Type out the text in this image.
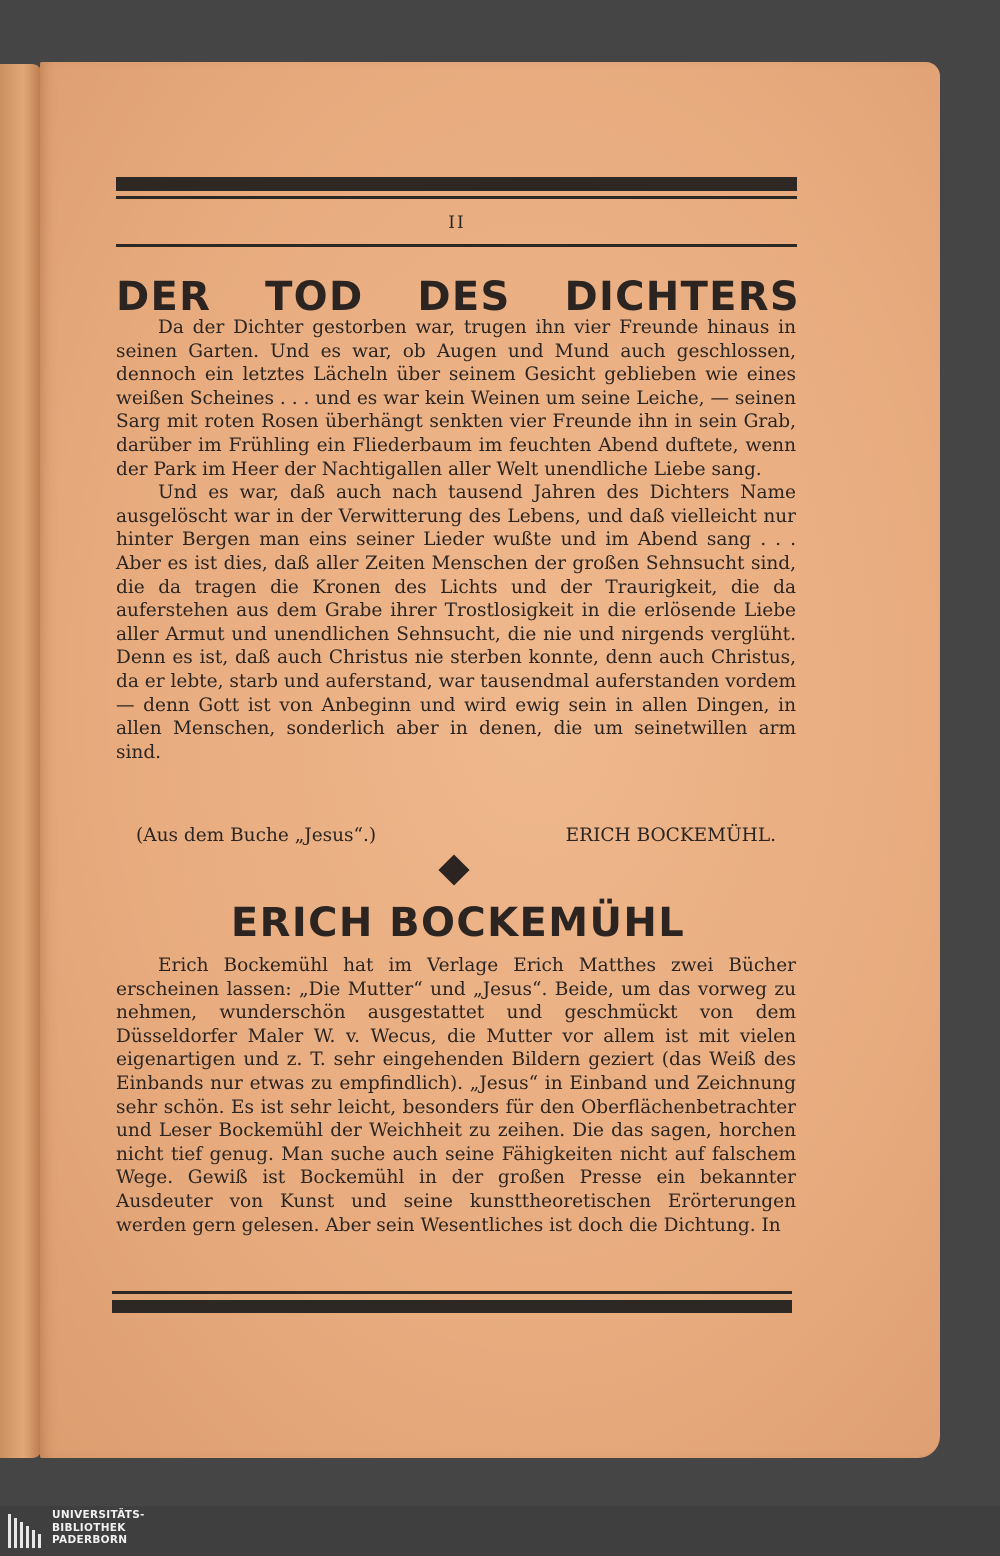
II
DER TOD DES DICHTERS

Da der Dichter gestorben war, trugen ihn vier Freunde hinaus in seinen Garten. Und es war, ob Augen und Mund auch geschlossen, dennoch ein letztes Lächeln über seinem Gesicht geblieben wie eines weißen Scheines . . . und es war kein Weinen um seine Leiche, — seinen Sarg mit roten Rosen überhängt senkten vier Freunde ihn in sein Grab, darüber im Frühling ein Fliederbaum im feuchten Abend duftete, wenn der Park im Heer der Nachtigallen aller Welt unendliche Liebe sang.

Und es war, daß auch nach tausend Jahren des Dichters Name ausgelöscht war in der Verwitterung des Lebens, und daß vielleicht nur hinter Bergen man eins seiner Lieder wußte und im Abend sang . . . Aber es ist dies, daß aller Zeiten Menschen der großen Sehnsucht sind, die da tragen die Kronen des Lichts und der Traurigkeit, die da auferstehen aus dem Grabe ihrer Trostlosigkeit in die erlösende Liebe aller Armut und unendlichen Sehnsucht, die nie und nirgends verglüht. Denn es ist, daß auch Christus nie sterben konnte, denn auch Christus, da er lebte, starb und auferstand, war tausendmal auferstanden vordem — denn Gott ist von Anbeginn und wird ewig sein in allen Dingen, in allen Menschen, sonderlich aber in denen, die um seinetwillen arm sind.

(Aus dem Buche „Jesus“.)	ERICH BOCKEMÜHL.
ERICH BOCKEMÜHL

Erich Bockemühl hat im Verlage Erich Matthes zwei Bücher erscheinen lassen: „Die Mutter“ und „Jesus“. Beide, um das vorweg zu nehmen, wunderschön ausgestattet und geschmückt von dem Düsseldorfer Maler W. v. Wecus, die Mutter vor allem ist mit vielen eigenartigen und z. T. sehr eingehenden Bildern geziert (das Weiß des Einbands nur etwas zu empfindlich). „Jesus“ in Einband und Zeichnung sehr schön. Es ist sehr leicht, besonders für den Oberflächenbetrachter und Leser Bockemühl der Weichheit zu zeihen. Die das sagen, horchen nicht tief genug. Man suche auch seine Fähigkeiten nicht auf falschem Wege. Gewiß ist Bockemühl in der großen Presse ein bekannter Ausdeuter von Kunst und seine kunsttheoretischen Erörterungen werden gern gelesen. Aber sein Wesentliches ist doch die Dichtung. In

UNIVERSITÄTS-
BIBLIOTHEK
PADERBORN
